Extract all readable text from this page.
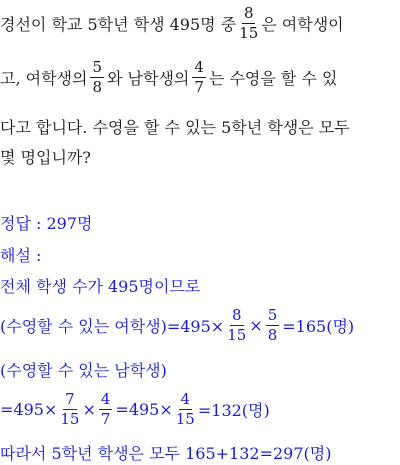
경선이 학교 5학년 학생 495명 중 $\frac{8}{15}$ 은 여학생이
고, 여학생의 $\frac{5}{8}$ 와 남학생의 $\frac{4}{7}$ 는 수영을 할 수 있
다고 합니다. 수영을 할 수 있는 5학년 학생은 모두
몇 명입니까?
정답 : 297명
해설 :
전체 학생 수가 495명이므로
(수영할 수 있는 여학생)$=495\times \frac{8}{15} \times \frac{5}{8} =165$(명)
(수영할 수 있는 남학생)
$=495\times \frac{7}{15} \times \frac{4}{7} =495\times \frac{4}{15} =132$(명)
따라서 5학년 학생은 모두 165+132=297(명)
